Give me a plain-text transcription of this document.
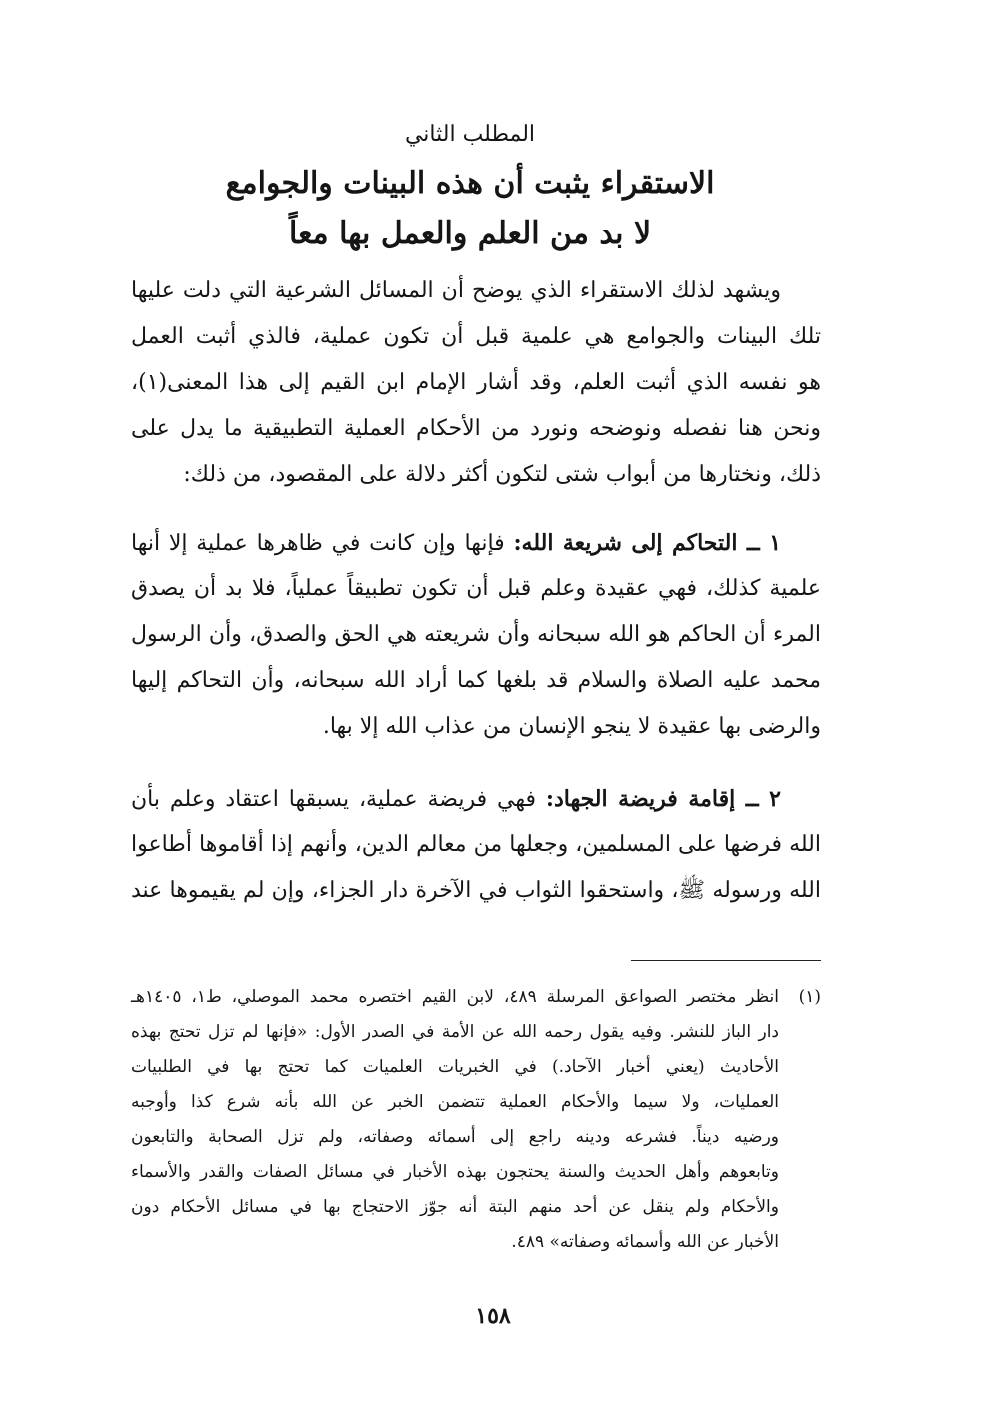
المطلب الثاني
الاستقراء يثبت أن هذه البينات والجوامع
لا بد من العلم والعمل بها معاً
ويشهد لذلك الاستقراء الذي يوضح أن المسائل الشرعية التي دلت عليها
تلك البينات والجوامع هي علمية قبل أن تكون عملية، فالذي أثبت العمل
هو نفسه الذي أثبت العلم، وقد أشار الإمام ابن القيم إلى هذا المعنى(١)،
ونحن هنا نفصله ونوضحه ونورد من الأحكام العملية التطبيقية ما يدل على
ذلك، ونختارها من أبواب شتى لتكون أكثر دلالة على المقصود، من ذلك:
١ ــ التحاكم إلى شريعة الله: فإنها وإن كانت في ظاهرها عملية إلا أنها
علمية كذلك، فهي عقيدة وعلم قبل أن تكون تطبيقاً عملياً، فلا بد أن يصدق
المرء أن الحاكم هو الله سبحانه وأن شريعته هي الحق والصدق، وأن الرسول
محمد عليه الصلاة والسلام قد بلغها كما أراد الله سبحانه، وأن التحاكم إليها
والرضى بها عقيدة لا ينجو الإنسان من عذاب الله إلا بها.
٢ ــ إقامة فريضة الجهاد: فهي فريضة عملية، يسبقها اعتقاد وعلم بأن
الله فرضها على المسلمين، وجعلها من معالم الدين، وأنهم إذا أقاموها أطاعوا
الله ورسوله ﷺ، واستحقوا الثواب في الآخرة دار الجزاء، وإن لم يقيموها عند
(١)انظر مختصر الصواعق المرسلة ٤٨٩، لابن القيم اختصره محمد الموصلي، ط١، ١٤٠٥هـ
دار الباز للنشر. وفيه يقول رحمه الله عن الأمة في الصدر الأول: «فإنها لم تزل تحتج بهذه
الأحاديث (يعني أخبار الآحاد.) في الخبريات العلميات كما تحتج بها في الطلبيات
العمليات، ولا سيما والأحكام العملية تتضمن الخبر عن الله بأنه شرع كذا وأوجبه
ورضيه ديناً. فشرعه ودينه راجع إلى أسمائه وصفاته، ولم تزل الصحابة والتابعون
وتابعوهم وأهل الحديث والسنة يحتجون بهذه الأخبار في مسائل الصفات والقدر والأسماء
والأحكام ولم ينقل عن أحد منهم البتة أنه جوّز الاحتجاج بها في مسائل الأحكام دون
الأخبار عن الله وأسمائه وصفاته» ٤٨٩.
١٥٨
